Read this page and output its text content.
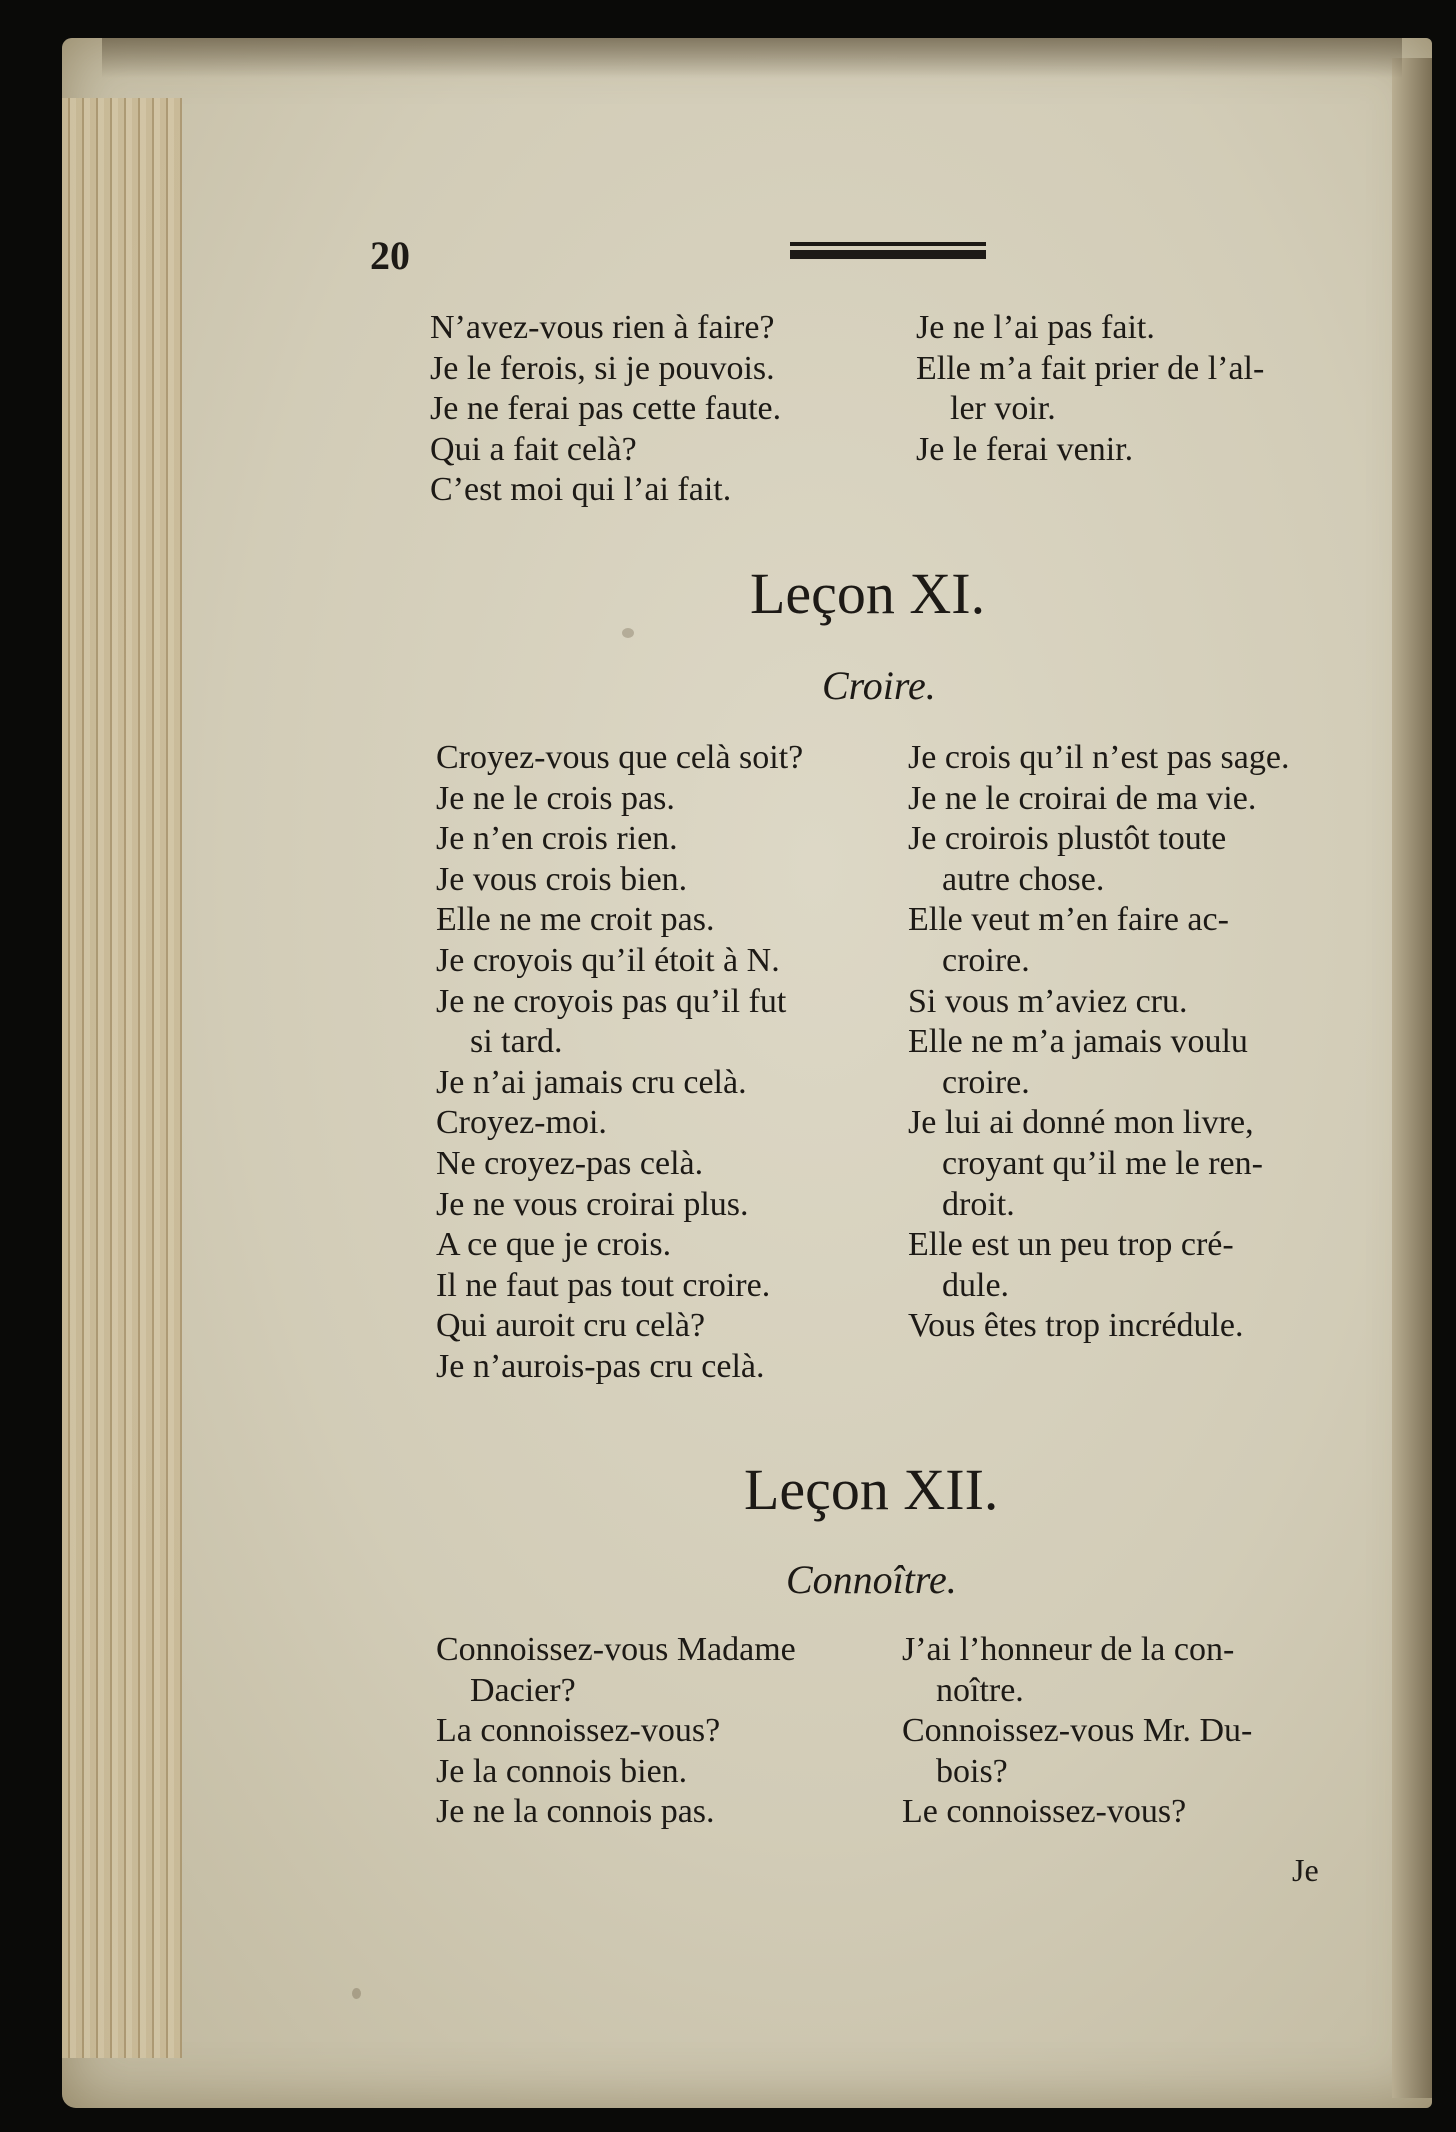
20
N’avez-vous rien à faire?
Je le ferois, si je pouvois.
Je ne ferai pas cette faute.
Qui a fait celà?
C’est moi qui l’ai fait.
Je ne l’ai pas fait.
Elle m’a fait prier de l’al-
ler voir.
Je le ferai venir.
Leçon XI.
Croire.
Croyez-vous que celà soit?
Je ne le crois pas.
Je n’en crois rien.
Je vous crois bien.
Elle ne me croit pas.
Je croyois qu’il étoit à N.
Je ne croyois pas qu’il fut
si tard.
Je n’ai jamais cru celà.
Croyez-moi.
Ne croyez-pas celà.
Je ne vous croirai plus.
A ce que je crois.
Il ne faut pas tout croire.
Qui auroit cru celà?
Je n’aurois-pas cru celà.
Je crois qu’il n’est pas sage.
Je ne le croirai de ma vie.
Je croirois plustôt toute
autre chose.
Elle veut m’en faire ac-
croire.
Si vous m’aviez cru.
Elle ne m’a jamais voulu
croire.
Je lui ai donné mon livre,
croyant qu’il me le ren-
droit.
Elle est un peu trop cré-
dule.
Vous êtes trop incrédule.
Leçon XII.
Connoître.
Connoissez-vous Madame
Dacier?
La connoissez-vous?
Je la connois bien.
Je ne la connois pas.
J’ai l’honneur de la con-
noître.
Connoissez-vous Mr. Du-
bois?
Le connoissez-vous?
Je
